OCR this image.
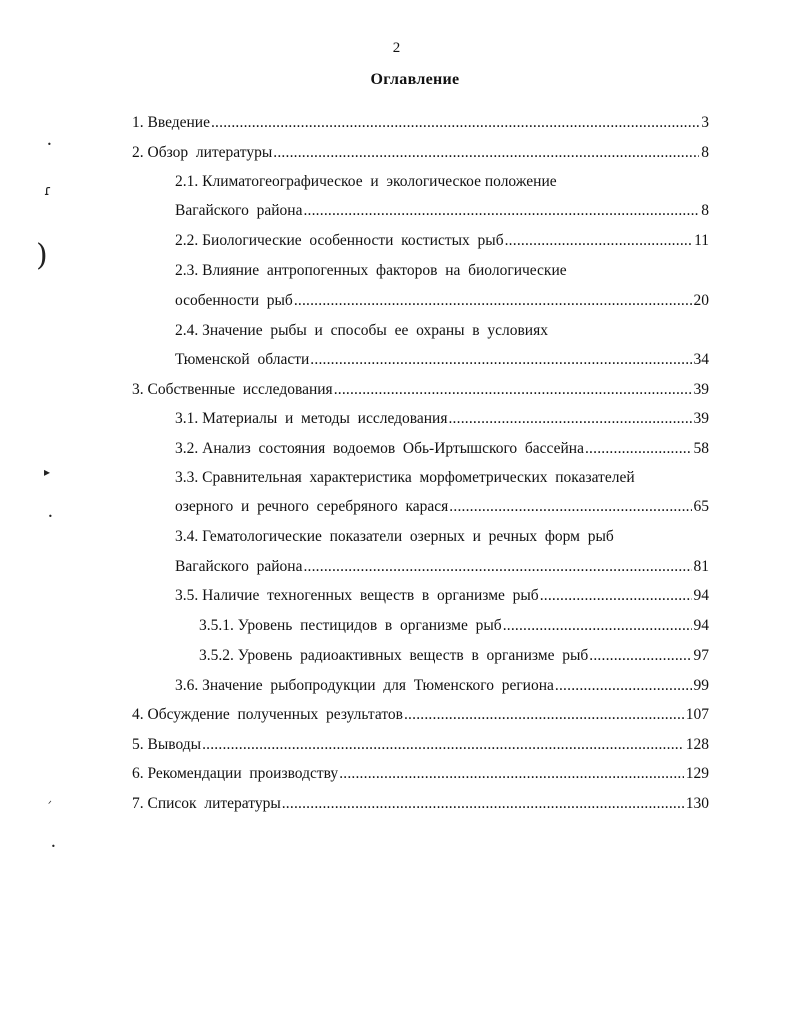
2
Оглавление
1. Введение .....	3
2. Обзор  литературы .....	8
2.1. Климатогеографическое  и  экологическое положение
Вагайского  района .....	8
2.2. Биологические  особенности  костистых  рыб .....	11
2.3. Влияние  антропогенных  факторов  на  биологические
особенности  рыб .....	20
2.4. Значение  рыбы  и  способы  ее  охраны  в  условиях
Тюменской  области .....	34
3. Собственные  исследования .....	39
3.1. Материалы  и  методы  исследования .....	39
3.2. Анализ  состояния  водоемов  Обь-Иртышского  бассейна .....	58
3.3. Сравнительная  характеристика  морфометрических  показателей
озерного  и  речного  серебряного  карася .....	65
3.4. Гематологические  показатели  озерных  и  речных  форм  рыб
Вагайского  района .....	81
3.5. Наличие  техногенных  веществ  в  организме  рыб .....	94
3.5.1. Уровень  пестицидов  в  организме  рыб .....	94
3.5.2. Уровень  радиоактивных  веществ  в  организме  рыб .....	97
3.6. Значение  рыбопродукции  для  Тюменского  региона .....	99
4. Обсуждение  полученных  результатов .....	107
5. Выводы .....	128
6. Рекомендации  производству .....	129
7. Список  литературы .....	130
•
ɾ
)
▸
•
ᐟ
•
